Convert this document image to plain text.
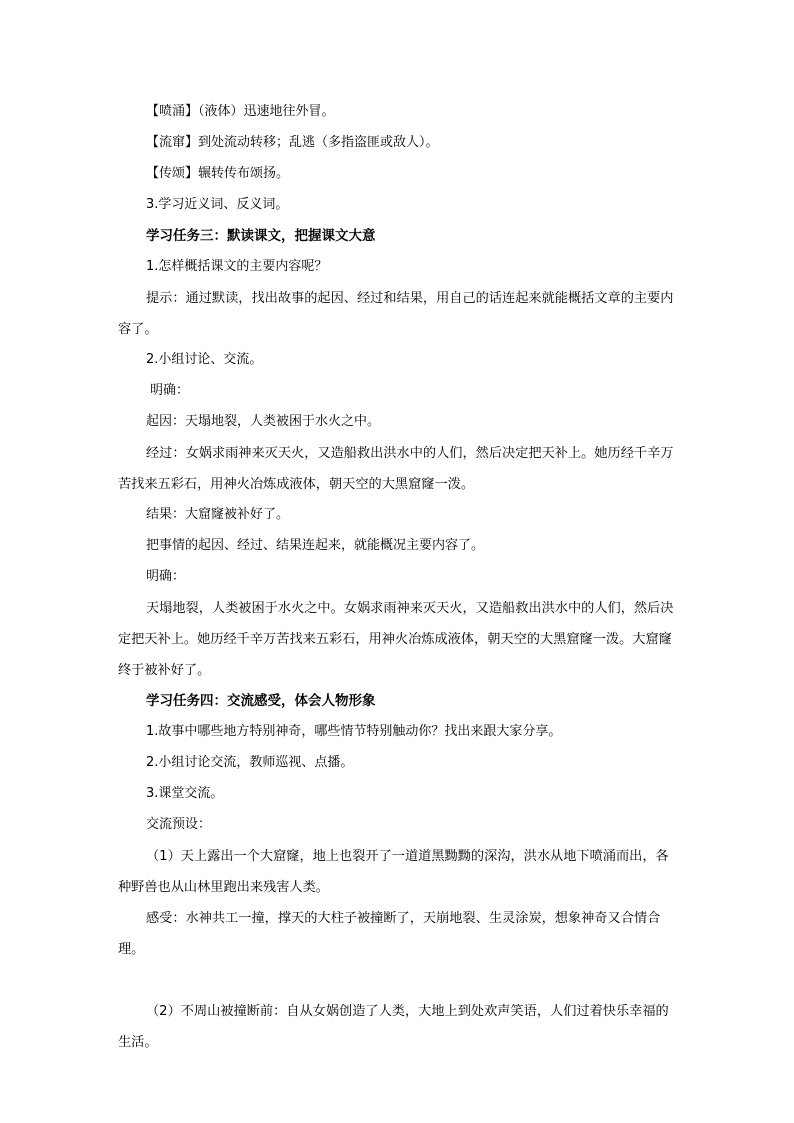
【喷涌】（液体）迅速地往外冒。
【流窜】到处流动转移；乱逃（多指盗匪或敌人）。
【传颂】辗转传布颂扬。
3.学习近义词、反义词。
学习任务三：默读课文，把握课文大意
1.怎样概括课文的主要内容呢？
提示：通过默读，找出故事的起因、经过和结果，用自己的话连起来就能概括文章的主要内容了。
2.小组讨论、交流。
明确：
起因：天塌地裂，人类被困于水火之中。
经过：女娲求雨神来灭天火，又造船救出洪水中的人们，然后决定把天补上。她历经千辛万苦找来五彩石，用神火冶炼成液体，朝天空的大黑窟窿一泼。
结果：大窟窿被补好了。
把事情的起因、经过、结果连起来，就能概况主要内容了。
明确：
天塌地裂，人类被困于水火之中。女娲求雨神来灭天火，又造船救出洪水中的人们，然后决定把天补上。她历经千辛万苦找来五彩石，用神火冶炼成液体，朝天空的大黑窟窿一泼。大窟窿终于被补好了。
学习任务四：交流感受，体会人物形象
1.故事中哪些地方特别神奇，哪些情节特别触动你？找出来跟大家分享。
2.小组讨论交流，教师巡视、点播。
3.课堂交流。
交流预设：
（1）天上露出一个大窟窿，地上也裂开了一道道黑黝黝的深沟，洪水从地下喷涌而出，各种野兽也从山林里跑出来残害人类。
感受：水神共工一撞，撑天的大柱子被撞断了，天崩地裂、生灵涂炭，想象神奇又合情合理。
（2）不周山被撞断前：自从女娲创造了人类，大地上到处欢声笑语，人们过着快乐幸福的生活。
